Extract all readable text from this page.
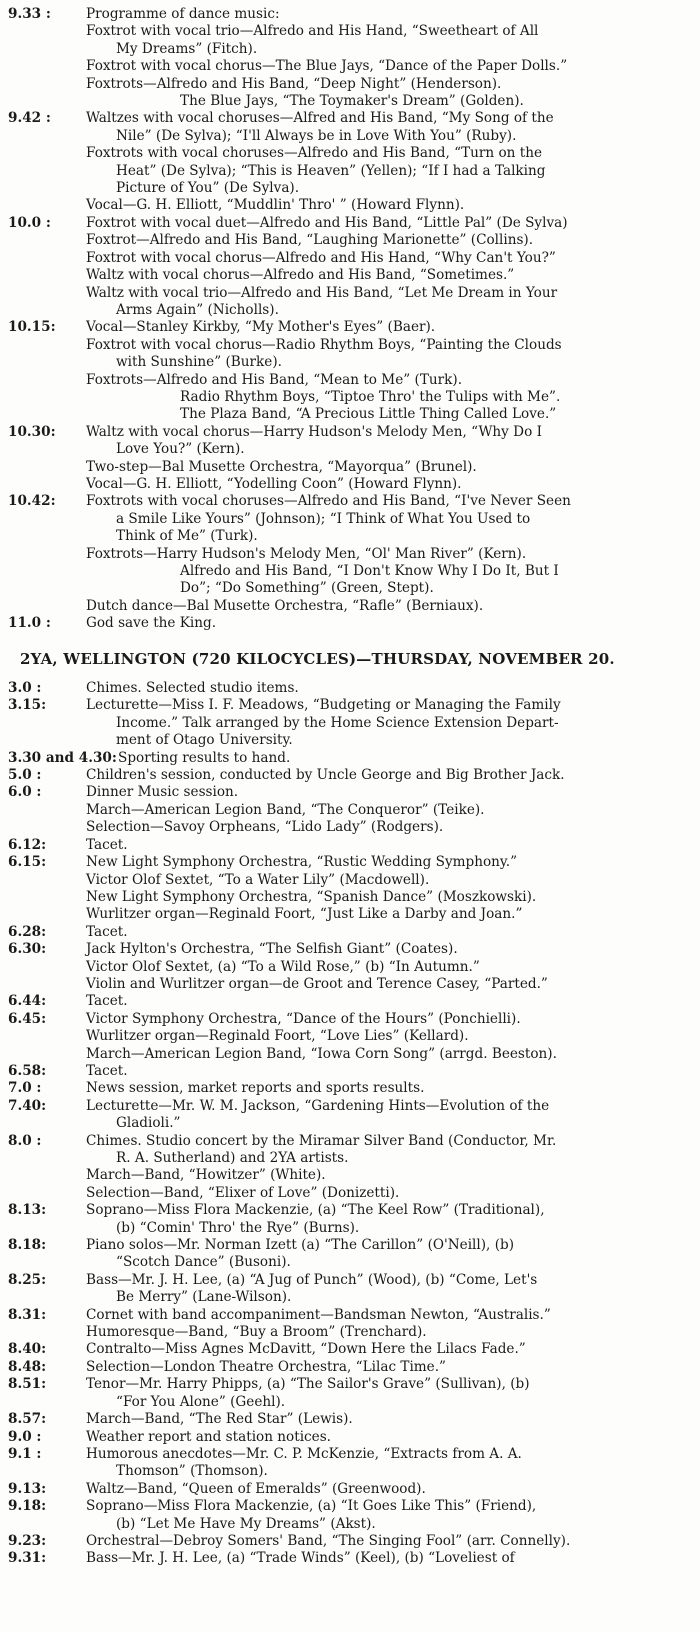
9.33 :	Programme of dance music:
Foxtrot with vocal trio—Alfredo and His Hand, “Sweetheart of All
My Dreams” (Fitch).
Foxtrot with vocal chorus—The Blue Jays, “Dance of the Paper Dolls.”
Foxtrots—Alfredo and His Band, “Deep Night” (Henderson).
The Blue Jays, “The Toymaker's Dream” (Golden).
9.42 :	Waltzes with vocal choruses—Alfred and His Band, “My Song of the
Nile” (De Sylva); “I'll Always be in Love With You” (Ruby).
Foxtrots with vocal choruses—Alfredo and His Band, “Turn on the
Heat” (De Sylva); “This is Heaven” (Yellen); “If I had a Talking
Picture of You” (De Sylva).
Vocal—G. H. Elliott, “Muddlin' Thro' ” (Howard Flynn).
10.0 :	Foxtrot with vocal duet—Alfredo and His Band, “Little Pal” (De Sylva)
Foxtrot—Alfredo and His Band, “Laughing Marionette” (Collins).
Foxtrot with vocal chorus—Alfredo and His Hand, “Why Can't You?”
Waltz with vocal chorus—Alfredo and His Band, “Sometimes.”
Waltz with vocal trio—Alfredo and His Band, “Let Me Dream in Your
Arms Again” (Nicholls).
10.15:	Vocal—Stanley Kirkby, “My Mother's Eyes” (Baer).
Foxtrot with vocal chorus—Radio Rhythm Boys, “Painting the Clouds
with Sunshine” (Burke).
Foxtrots—Alfredo and His Band, “Mean to Me” (Turk).
Radio Rhythm Boys, “Tiptoe Thro' the Tulips with Me”.
The Plaza Band, “A Precious Little Thing Called Love.”
10.30:	Waltz with vocal chorus—Harry Hudson's Melody Men, “Why Do I
Love You?” (Kern).
Two-step—Bal Musette Orchestra, “Mayorqua” (Brunel).
Vocal—G. H. Elliott, “Yodelling Coon” (Howard Flynn).
10.42:	Foxtrots with vocal choruses—Alfredo and His Band, “I've Never Seen
a Smile Like Yours” (Johnson); “I Think of What You Used to
Think of Me” (Turk).
Foxtrots—Harry Hudson's Melody Men, “Ol' Man River” (Kern).
Alfredo and His Band, “I Don't Know Why I Do It, But I
Do”; “Do Something” (Green, Stept).
Dutch dance—Bal Musette Orchestra, “Rafle” (Berniaux).
11.0 :	God save the King.
2YA, WELLINGTON (720 KILOCYCLES)—THURSDAY, NOVEMBER 20.
3.0 :	Chimes. Selected studio items.
3.15:	Lecturette—Miss I. F. Meadows, “Budgeting or Managing the Family
Income.” Talk arranged by the Home Science Extension Depart-
ment of Otago University.
3.30 and 4.30: Sporting results to hand.
5.0 :	Children's session, conducted by Uncle George and Big Brother Jack.
6.0 :	Dinner Music session.
March—American Legion Band, “The Conqueror” (Teike).
Selection—Savoy Orpheans, “Lido Lady” (Rodgers).
6.12:	Tacet.
6.15:	New Light Symphony Orchestra, “Rustic Wedding Symphony.”
Victor Olof Sextet, “To a Water Lily” (Macdowell).
New Light Symphony Orchestra, “Spanish Dance” (Moszkowski).
Wurlitzer organ—Reginald Foort, “Just Like a Darby and Joan.”
6.28:	Tacet.
6.30:	Jack Hylton's Orchestra, “The Selfish Giant” (Coates).
Victor Olof Sextet, (a) “To a Wild Rose,” (b) “In Autumn.”
Violin and Wurlitzer organ—de Groot and Terence Casey, “Parted.”
6.44:	Tacet.
6.45:	Victor Symphony Orchestra, “Dance of the Hours” (Ponchielli).
Wurlitzer organ—Reginald Foort, “Love Lies” (Kellard).
March—American Legion Band, “Iowa Corn Song” (arrgd. Beeston).
6.58:	Tacet.
7.0 :	News session, market reports and sports results.
7.40:	Lecturette—Mr. W. M. Jackson, “Gardening Hints—Evolution of the
Gladioli.”
8.0 :	Chimes. Studio concert by the Miramar Silver Band (Conductor, Mr.
R. A. Sutherland) and 2YA artists.
March—Band, “Howitzer” (White).
Selection—Band, “Elixer of Love” (Donizetti).
8.13:	Soprano—Miss Flora Mackenzie, (a) “The Keel Row” (Traditional),
(b) “Comin' Thro' the Rye” (Burns).
8.18:	Piano solos—Mr. Norman Izett (a) “The Carillon” (O'Neill), (b)
“Scotch Dance” (Busoni).
8.25:	Bass—Mr. J. H. Lee, (a) “A Jug of Punch” (Wood), (b) “Come, Let's
Be Merry” (Lane-Wilson).
8.31:	Cornet with band accompaniment—Bandsman Newton, “Australis.”
Humoresque—Band, “Buy a Broom” (Trenchard).
8.40:	Contralto—Miss Agnes McDavitt, “Down Here the Lilacs Fade.”
8.48:	Selection—London Theatre Orchestra, “Lilac Time.”
8.51:	Tenor—Mr. Harry Phipps, (a) “The Sailor's Grave” (Sullivan), (b)
“For You Alone” (Geehl).
8.57:	March—Band, “The Red Star” (Lewis).
9.0 :	Weather report and station notices.
9.1 :	Humorous anecdotes—Mr. C. P. McKenzie, “Extracts from A. A.
Thomson” (Thomson).
9.13:	Waltz—Band, “Queen of Emeralds” (Greenwood).
9.18:	Soprano—Miss Flora Mackenzie, (a) “It Goes Like This” (Friend),
(b) “Let Me Have My Dreams” (Akst).
9.23:	Orchestral—Debroy Somers' Band, “The Singing Fool” (arr. Connelly).
9.31:	Bass—Mr. J. H. Lee, (a) “Trade Winds” (Keel), (b) “Loveliest of
